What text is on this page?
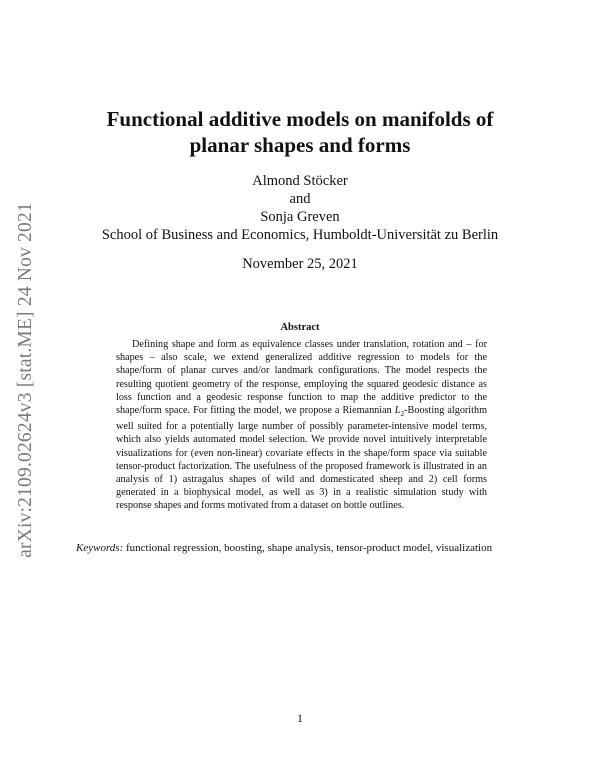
arXiv:2109.02624v3 [stat.ME] 24 Nov 2021
Functional additive models on manifolds of
planar shapes and forms
Almond Stöcker
and
Sonja Greven
School of Business and Economics, Humboldt-Universität zu Berlin
November 25, 2021
Abstract
Defining shape and form as equivalence classes under translation, rotation and – for shapes – also scale, we extend generalized additive regression to models for the shape/form of planar curves and/or landmark configurations. The model respects the resulting quotient geometry of the response, employing the squared geodesic distance as loss function and a geodesic response function to map the additive predictor to the shape/form space. For fitting the model, we propose a Riemannian $L_2$-Boosting algorithm well suited for a potentially large number of possibly parameter-intensive model terms, which also yields automated model selection. We provide novel intuitively interpretable visualizations for (even non-linear) covariate effects in the shape/form space via suitable tensor-product factorization. The usefulness of the proposed framework is illustrated in an analysis of 1) astragalus shapes of wild and domesticated sheep and 2) cell forms generated in a biophysical model, as well as 3) in a realistic simulation study with response shapes and forms motivated from a dataset on bottle outlines.
Keywords: functional regression, boosting, shape analysis, tensor-product model, visualization
1
